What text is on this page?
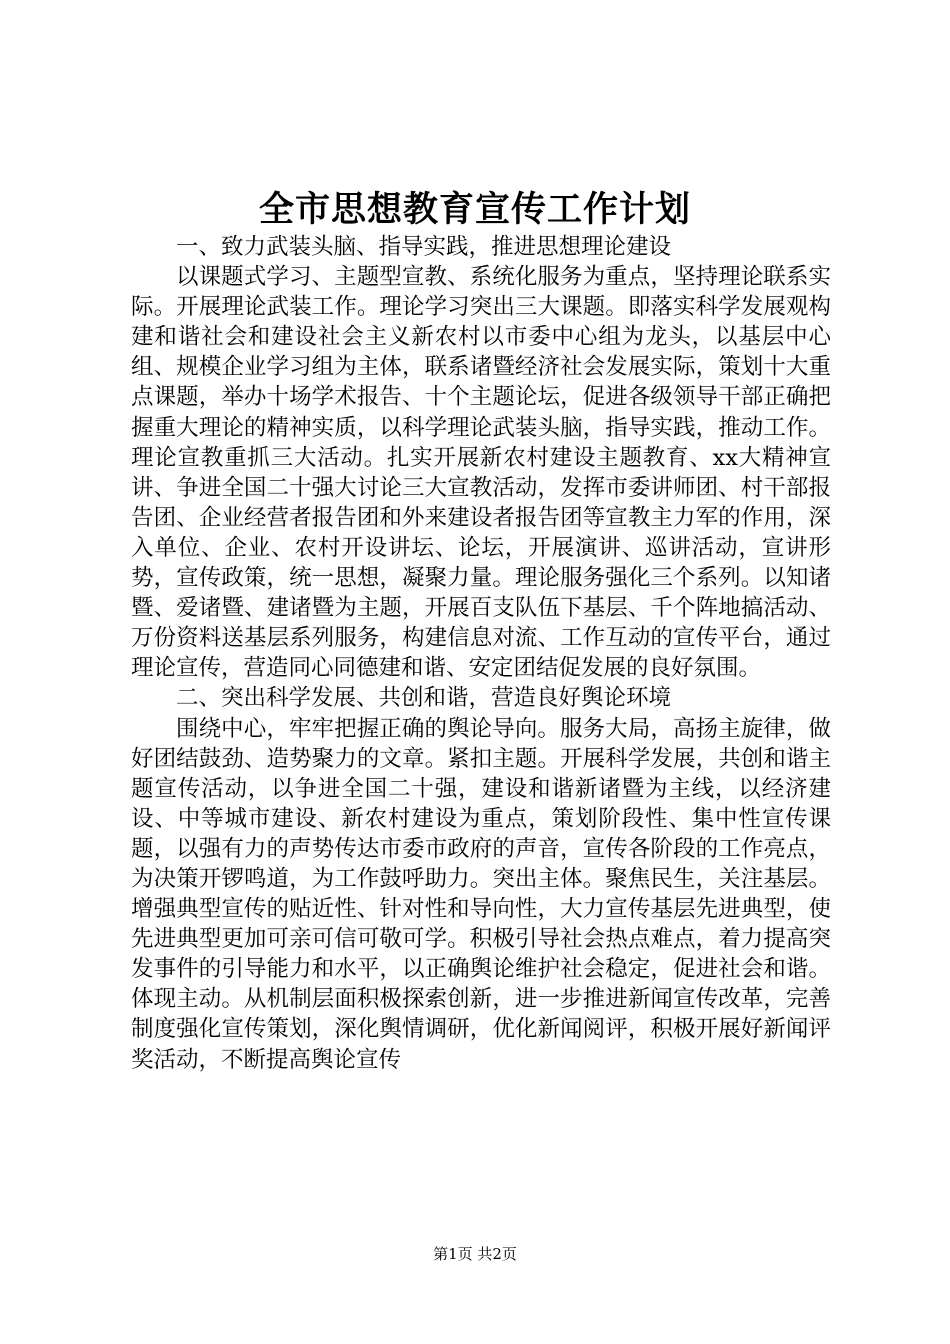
全市思想教育宣传工作计划

一、致力武装头脑、指导实践，推进思想理论建设

以课题式学习、主题型宣教、系统化服务为重点，坚持理论联系实际。开展理论武装工作。理论学习突出三大课题。即落实科学发展观构建和谐社会和建设社会主义新农村以市委中心组为龙头，以基层中心组、规模企业学习组为主体，联系诸暨经济社会发展实际，策划十大重点课题，举办十场学术报告、十个主题论坛，促进各级领导干部正确把握重大理论的精神实质，以科学理论武装头脑，指导实践，推动工作。理论宣教重抓三大活动。扎实开展新农村建设主题教育、xx大精神宣讲、争进全国二十强大讨论三大宣教活动，发挥市委讲师团、村干部报告团、企业经营者报告团和外来建设者报告团等宣教主力军的作用，深入单位、企业、农村开设讲坛、论坛，开展演讲、巡讲活动，宣讲形势，宣传政策，统一思想，凝聚力量。理论服务强化三个系列。以知诸暨、爱诸暨、建诸暨为主题，开展百支队伍下基层、千个阵地搞活动、万份资料送基层系列服务，构建信息对流、工作互动的宣传平台，通过理论宣传，营造同心同德建和谐、安定团结促发展的良好氛围。

二、突出科学发展、共创和谐，营造良好舆论环境

围绕中心，牢牢把握正确的舆论导向。服务大局，高扬主旋律，做好团结鼓劲、造势聚力的文章。紧扣主题。开展科学发展，共创和谐主题宣传活动，以争进全国二十强，建设和谐新诸暨为主线，以经济建设、中等城市建设、新农村建设为重点，策划阶段性、集中性宣传课题，以强有力的声势传达市委市政府的声音，宣传各阶段的工作亮点，为决策开锣鸣道，为工作鼓呼助力。突出主体。聚焦民生，关注基层。增强典型宣传的贴近性、针对性和导向性，大力宣传基层先进典型，使先进典型更加可亲可信可敬可学。积极引导社会热点难点，着力提高突发事件的引导能力和水平，以正确舆论维护社会稳定，促进社会和谐。体现主动。从机制层面积极探索创新，进一步推进新闻宣传改革，完善制度强化宣传策划，深化舆情调研，优化新闻阅评，积极开展好新闻评奖活动，不断提高舆论宣传

第1页 共2页
